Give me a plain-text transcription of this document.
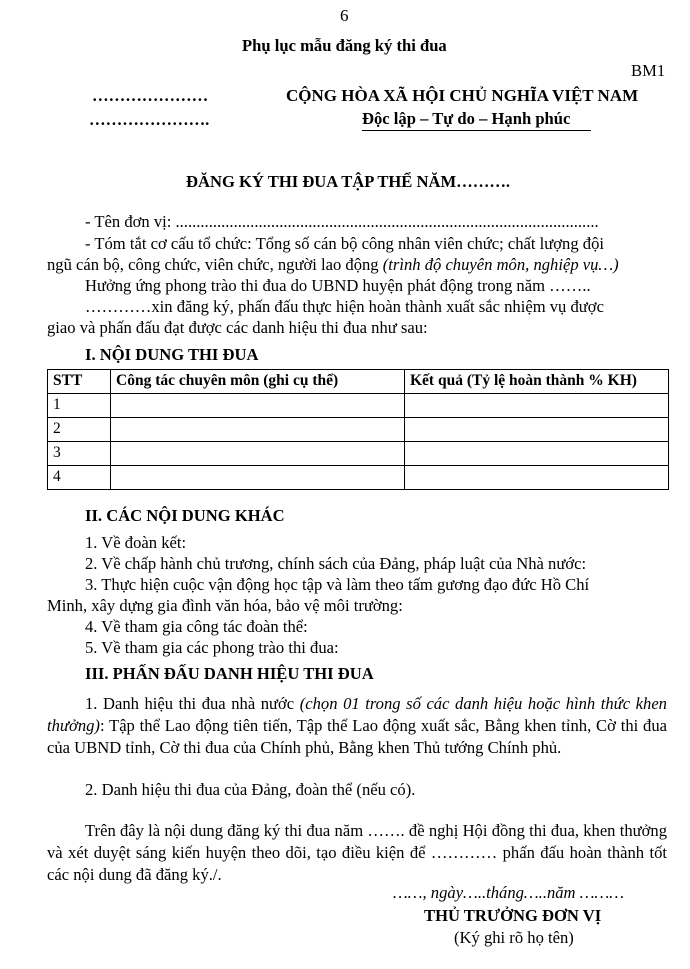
6
Phụ lục mẫu đăng ký thi đua
BM1
…………………
………………….
CỘNG HÒA XÃ HỘI CHỦ NGHĨA VIỆT NAM
Độc lập – Tự do – Hạnh phúc
ĐĂNG KÝ THI ĐUA TẬP THỂ NĂM……….
- Tên đơn vị: ......................................................................................................
- Tóm tắt cơ cấu tổ chức: Tổng số cán bộ công nhân viên chức; chất lượng đội
ngũ cán bộ, công chức, viên chức, người lao động (trình độ chuyên môn, nghiệp vụ…)
Hưởng ứng phong trào thi đua do UBND huyện phát động trong năm ……..
…………xin đăng ký, phấn đấu thực hiện hoàn thành xuất sắc nhiệm vụ được
giao và phấn đấu đạt được các danh hiệu thi đua như sau:
I. NỘI DUNG THI ĐUA
STT	Công tác chuyên môn (ghi cụ thể)	Kết quả (Tỷ lệ hoàn thành % KH)
1		
2		
3		
4		
II. CÁC NỘI DUNG KHÁC
1. Về đoàn kết:
2. Về chấp hành chủ trương, chính sách của Đảng, pháp luật của Nhà nước:
3. Thực hiện cuộc vận động học tập và làm theo tấm gương đạo đức Hồ Chí
Minh, xây dựng gia đình văn hóa, bảo vệ môi trường:
4. Về tham gia công tác đoàn thể:
5. Về tham gia các phong trào thi đua:
III. PHẤN ĐẤU DANH HIỆU THI ĐUA
1. Danh hiệu thi đua nhà nước (chọn 01 trong số các danh hiệu hoặc hình thức khen thưởng): Tập thể Lao động tiên tiến, Tập thể Lao động xuất sắc, Bằng khen tỉnh, Cờ thi đua của UBND tỉnh, Cờ thi đua của Chính phủ, Bằng khen Thủ tướng Chính phủ.
2. Danh hiệu thi đua của Đảng, đoàn thể (nếu có).
Trên đây là nội dung đăng ký thi đua năm ……. đề nghị Hội đồng thi đua, khen thưởng và xét duyệt sáng kiến huyện theo dõi, tạo điều kiện để ………… phấn đấu hoàn thành tốt các nội dung đã đăng ký./.
……, ngày…..tháng…..năm ………
THỦ TRƯỞNG ĐƠN VỊ
(Ký ghi rõ họ tên)
